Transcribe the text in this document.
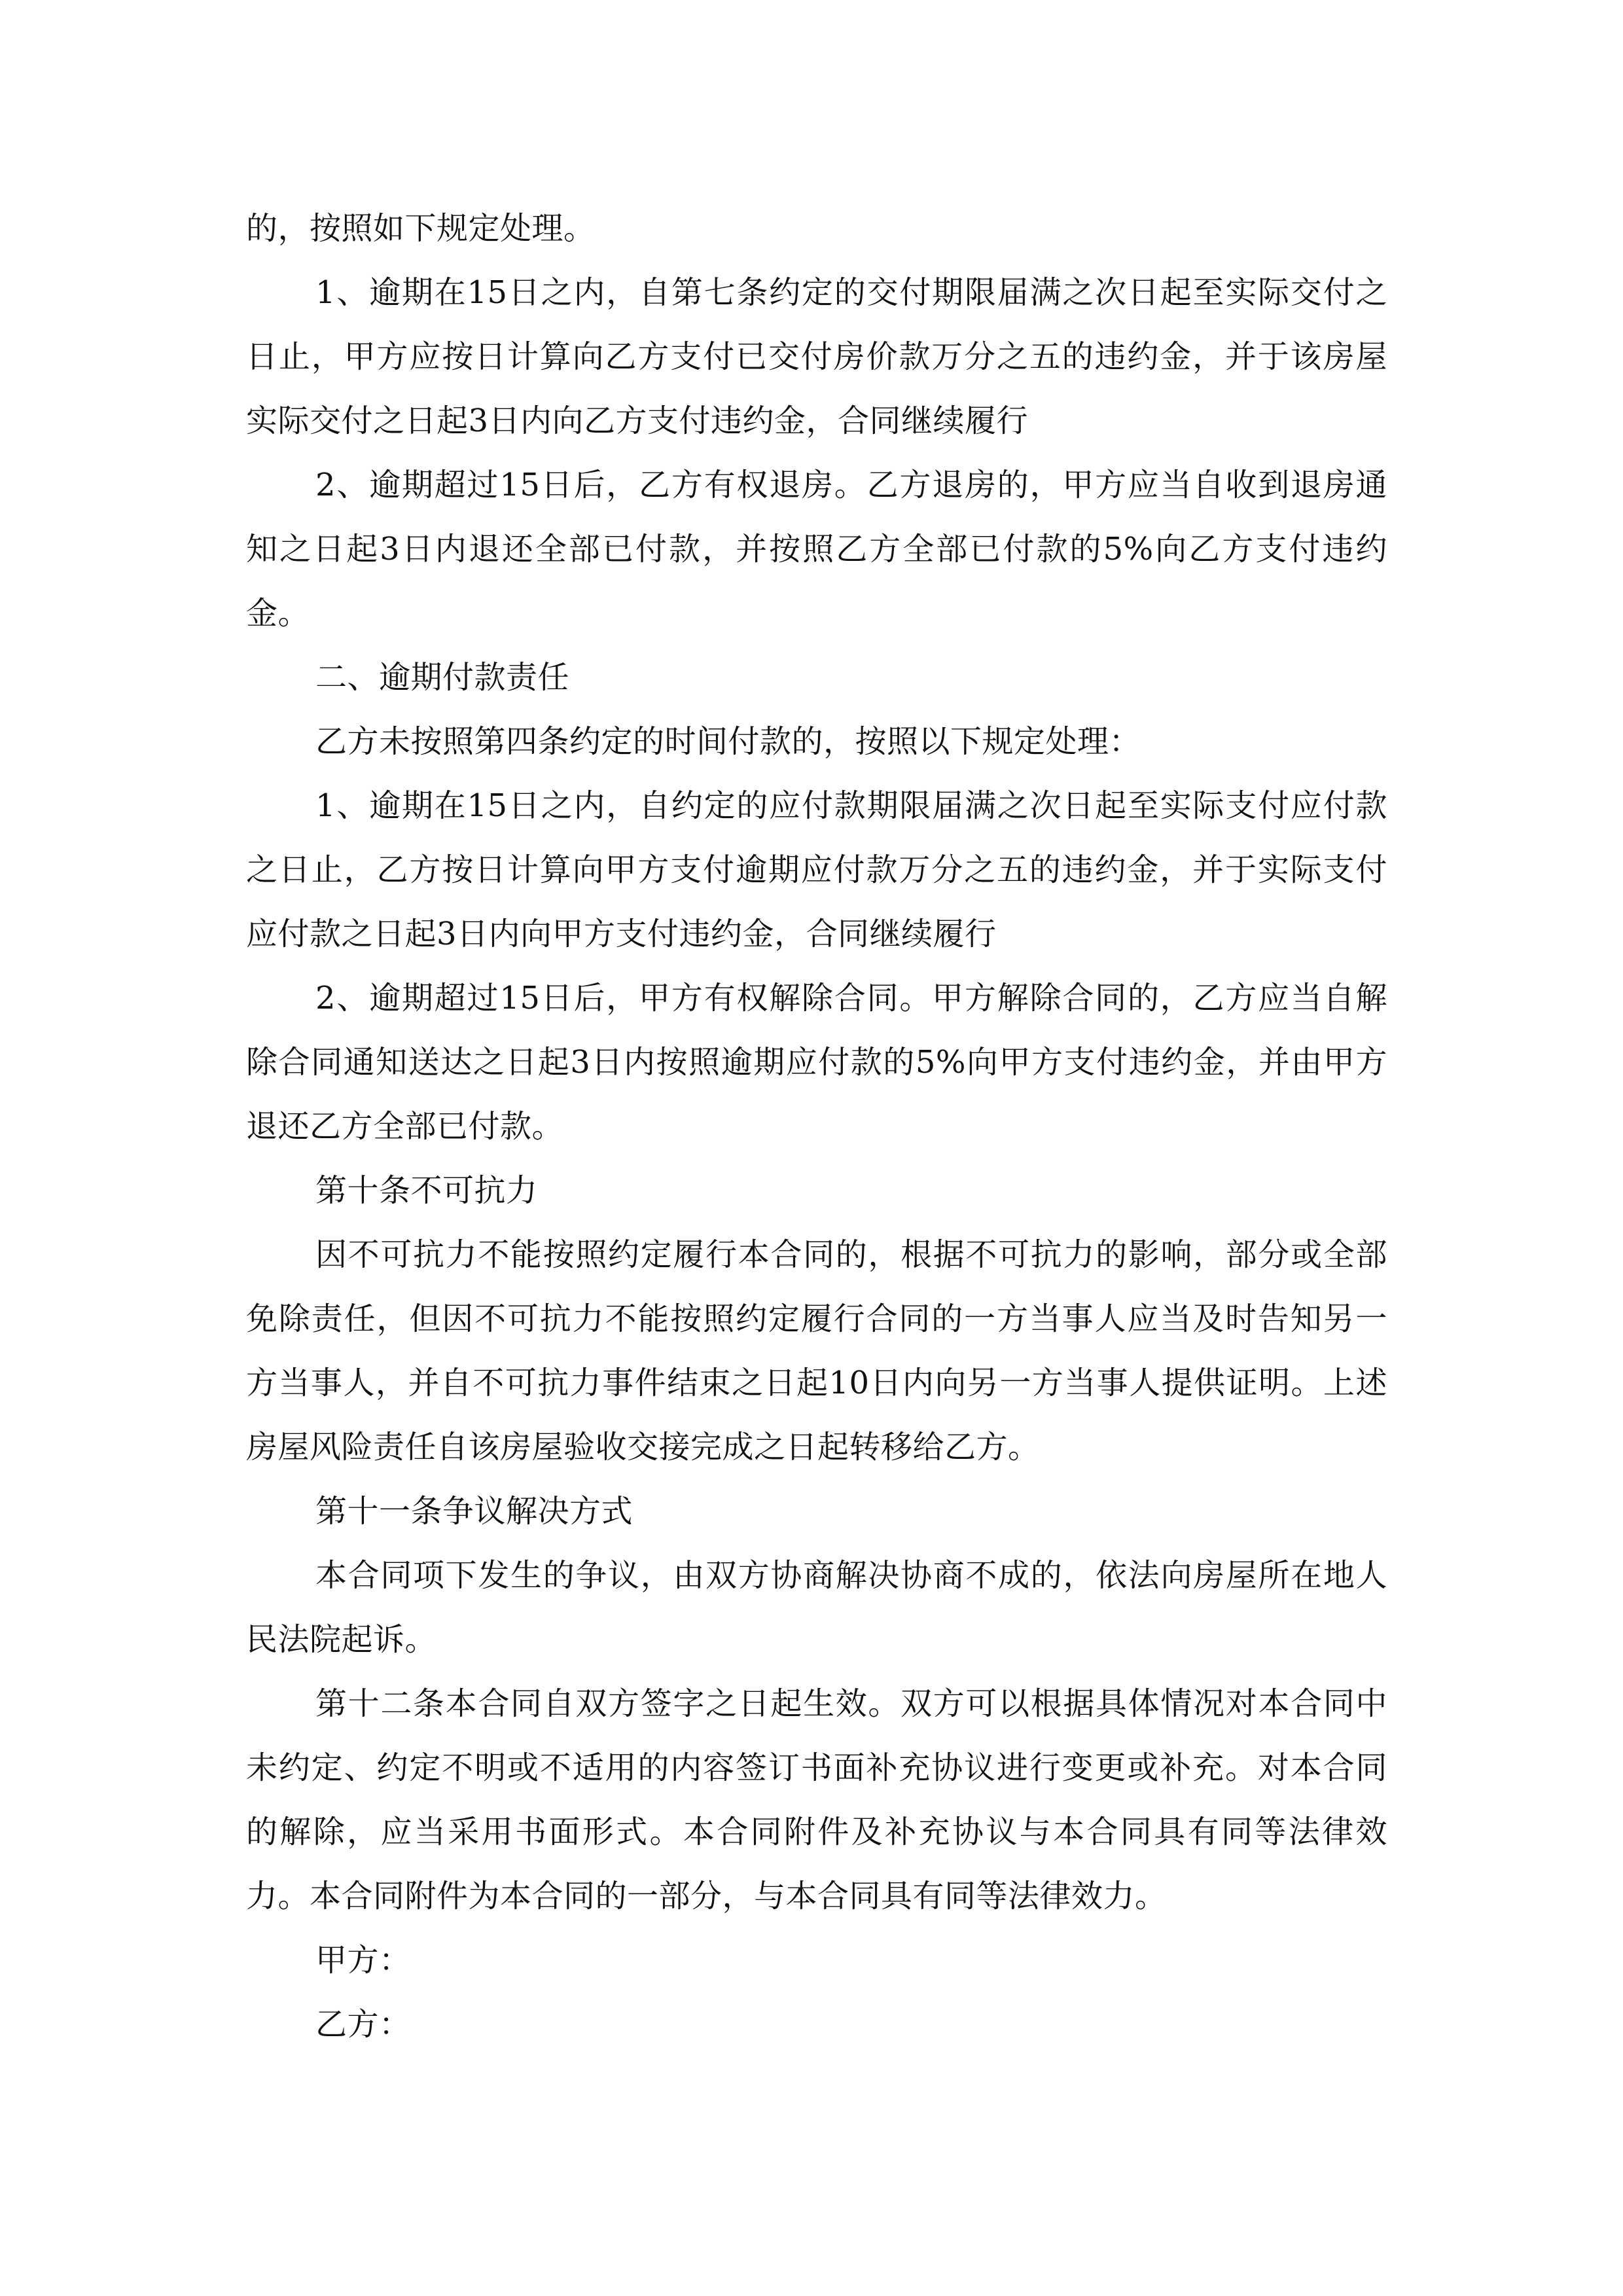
的，按照如下规定处理。

1、逾期在15日之内，自第七条约定的交付期限届满之次日起至实际交付之日止，甲方应按日计算向乙方支付已交付房价款万分之五的违约金，并于该房屋实际交付之日起3日内向乙方支付违约金，合同继续履行

2、逾期超过15日后，乙方有权退房。乙方退房的，甲方应当自收到退房通知之日起3日内退还全部已付款，并按照乙方全部已付款的5%向乙方支付违约金。

二、逾期付款责任

乙方未按照第四条约定的时间付款的，按照以下规定处理：

1、逾期在15日之内，自约定的应付款期限届满之次日起至实际支付应付款之日止，乙方按日计算向甲方支付逾期应付款万分之五的违约金，并于实际支付应付款之日起3日内向甲方支付违约金，合同继续履行

2、逾期超过15日后，甲方有权解除合同。甲方解除合同的，乙方应当自解除合同通知送达之日起3日内按照逾期应付款的5%向甲方支付违约金，并由甲方退还乙方全部已付款。

第十条不可抗力

因不可抗力不能按照约定履行本合同的，根据不可抗力的影响，部分或全部免除责任，但因不可抗力不能按照约定履行合同的一方当事人应当及时告知另一方当事人，并自不可抗力事件结束之日起10日内向另一方当事人提供证明。上述房屋风险责任自该房屋验收交接完成之日起转移给乙方。

第十一条争议解决方式

本合同项下发生的争议，由双方协商解决协商不成的，依法向房屋所在地人民法院起诉。

第十二条本合同自双方签字之日起生效。双方可以根据具体情况对本合同中未约定、约定不明或不适用的内容签订书面补充协议进行变更或补充。对本合同的解除，应当采用书面形式。本合同附件及补充协议与本合同具有同等法律效力。本合同附件为本合同的一部分，与本合同具有同等法律效力。

甲方：

乙方：
